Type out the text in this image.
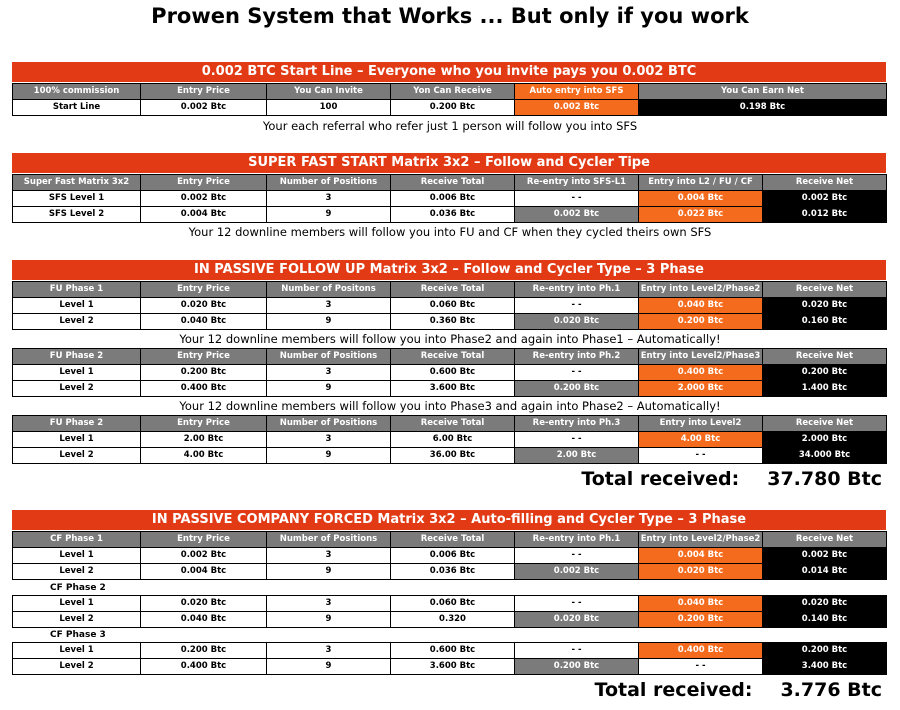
Prowen System that Works ... But only if you work
0.002 BTC Start Line – Everyone who you invite pays you 0.002 BTC
100% commission	Entry Price	You Can Invite	Yon Can Receive	Auto entry into SFS	You Can Earn Net
Start Line	0.002 Btc	100	0.200 Btc	0.002 Btc	0.198 Btc
Your each referral who refer just 1 person will follow you into SFS
SUPER FAST START Matrix 3x2 – Follow and Cycler Tipe
Super Fast Matrix 3x2	Entry Price	Number of Positions	Receive Total	Re-entry into SFS-L1	Entry into L2 / FU / CF	Receive Net
SFS Level 1	0.002 Btc	3	0.006 Btc	- -	0.004 Btc	0.002 Btc
SFS Level 2	0.004 Btc	9	0.036 Btc	0.002 Btc	0.022 Btc	0.012 Btc
Your 12 downline members will follow you into FU and CF when they cycled theirs own SFS
IN PASSIVE FOLLOW UP Matrix 3x2 – Follow and Cycler Type – 3 Phase
FU Phase 1	Entry Price	Number of Positons	Receive Total	Re-entry into Ph.1	Entry into Level2/Phase2	Receive Net
Level 1	0.020 Btc	3	0.060 Btc	- -	0.040 Btc	0.020 Btc
Level 2	0.040 Btc	9	0.360 Btc	0.020 Btc	0.200 Btc	0.160 Btc
Your 12 downline members will follow you into Phase2 and again into Phase1 – Automatically!
FU Phase 2	Entry Price	Number of Positions	Receive Total	Re-entry into Ph.2	Entry into Level2/Phase3	Receive Net
Level 1	0.200 Btc	3	0.600 Btc	- -	0.400 Btc	0.200 Btc
Level 2	0.400 Btc	9	3.600 Btc	0.200 Btc	2.000 Btc	1.400 Btc
Your 12 downline members will follow you into Phase3 and again into Phase2 – Automatically!
FU Phase 2	Entry Price	Number of Positions	Receive Total	Re-entry into Ph.3	Entry into Level2	Receive Net
Level 1	2.00 Btc	3	6.00 Btc	- -	4.00 Btc	2.000 Btc
Level 2	4.00 Btc	9	36.00 Btc	2.00 Btc	- -	34.000 Btc
Total received: 37.780 Btc
IN PASSIVE COMPANY FORCED Matrix 3x2 – Auto-filling and Cycler Type – 3 Phase
CF Phase 1	Entry Price	Number of Positions	Receive Total	Re-entry into Ph.1	Entry into Level2/Phase2	Receive Net
Level 1	0.002 Btc	3	0.006 Btc	- -	0.004 Btc	0.002 Btc
Level 2	0.004 Btc	9	0.036 Btc	0.002 Btc	0.020 Btc	0.014 Btc
CF Phase 2
Level 1	0.020 Btc	3	0.060 Btc	- -	0.040 Btc	0.020 Btc
Level 2	0.040 Btc	9	0.320	0.020 Btc	0.200 Btc	0.140 Btc
CF Phase 3
Level 1	0.200 Btc	3	0.600 Btc	- -	0.400 Btc	0.200 Btc
Level 2	0.400 Btc	9	3.600 Btc	0.200 Btc	- -	3.400 Btc
Total received: 3.776 Btc
